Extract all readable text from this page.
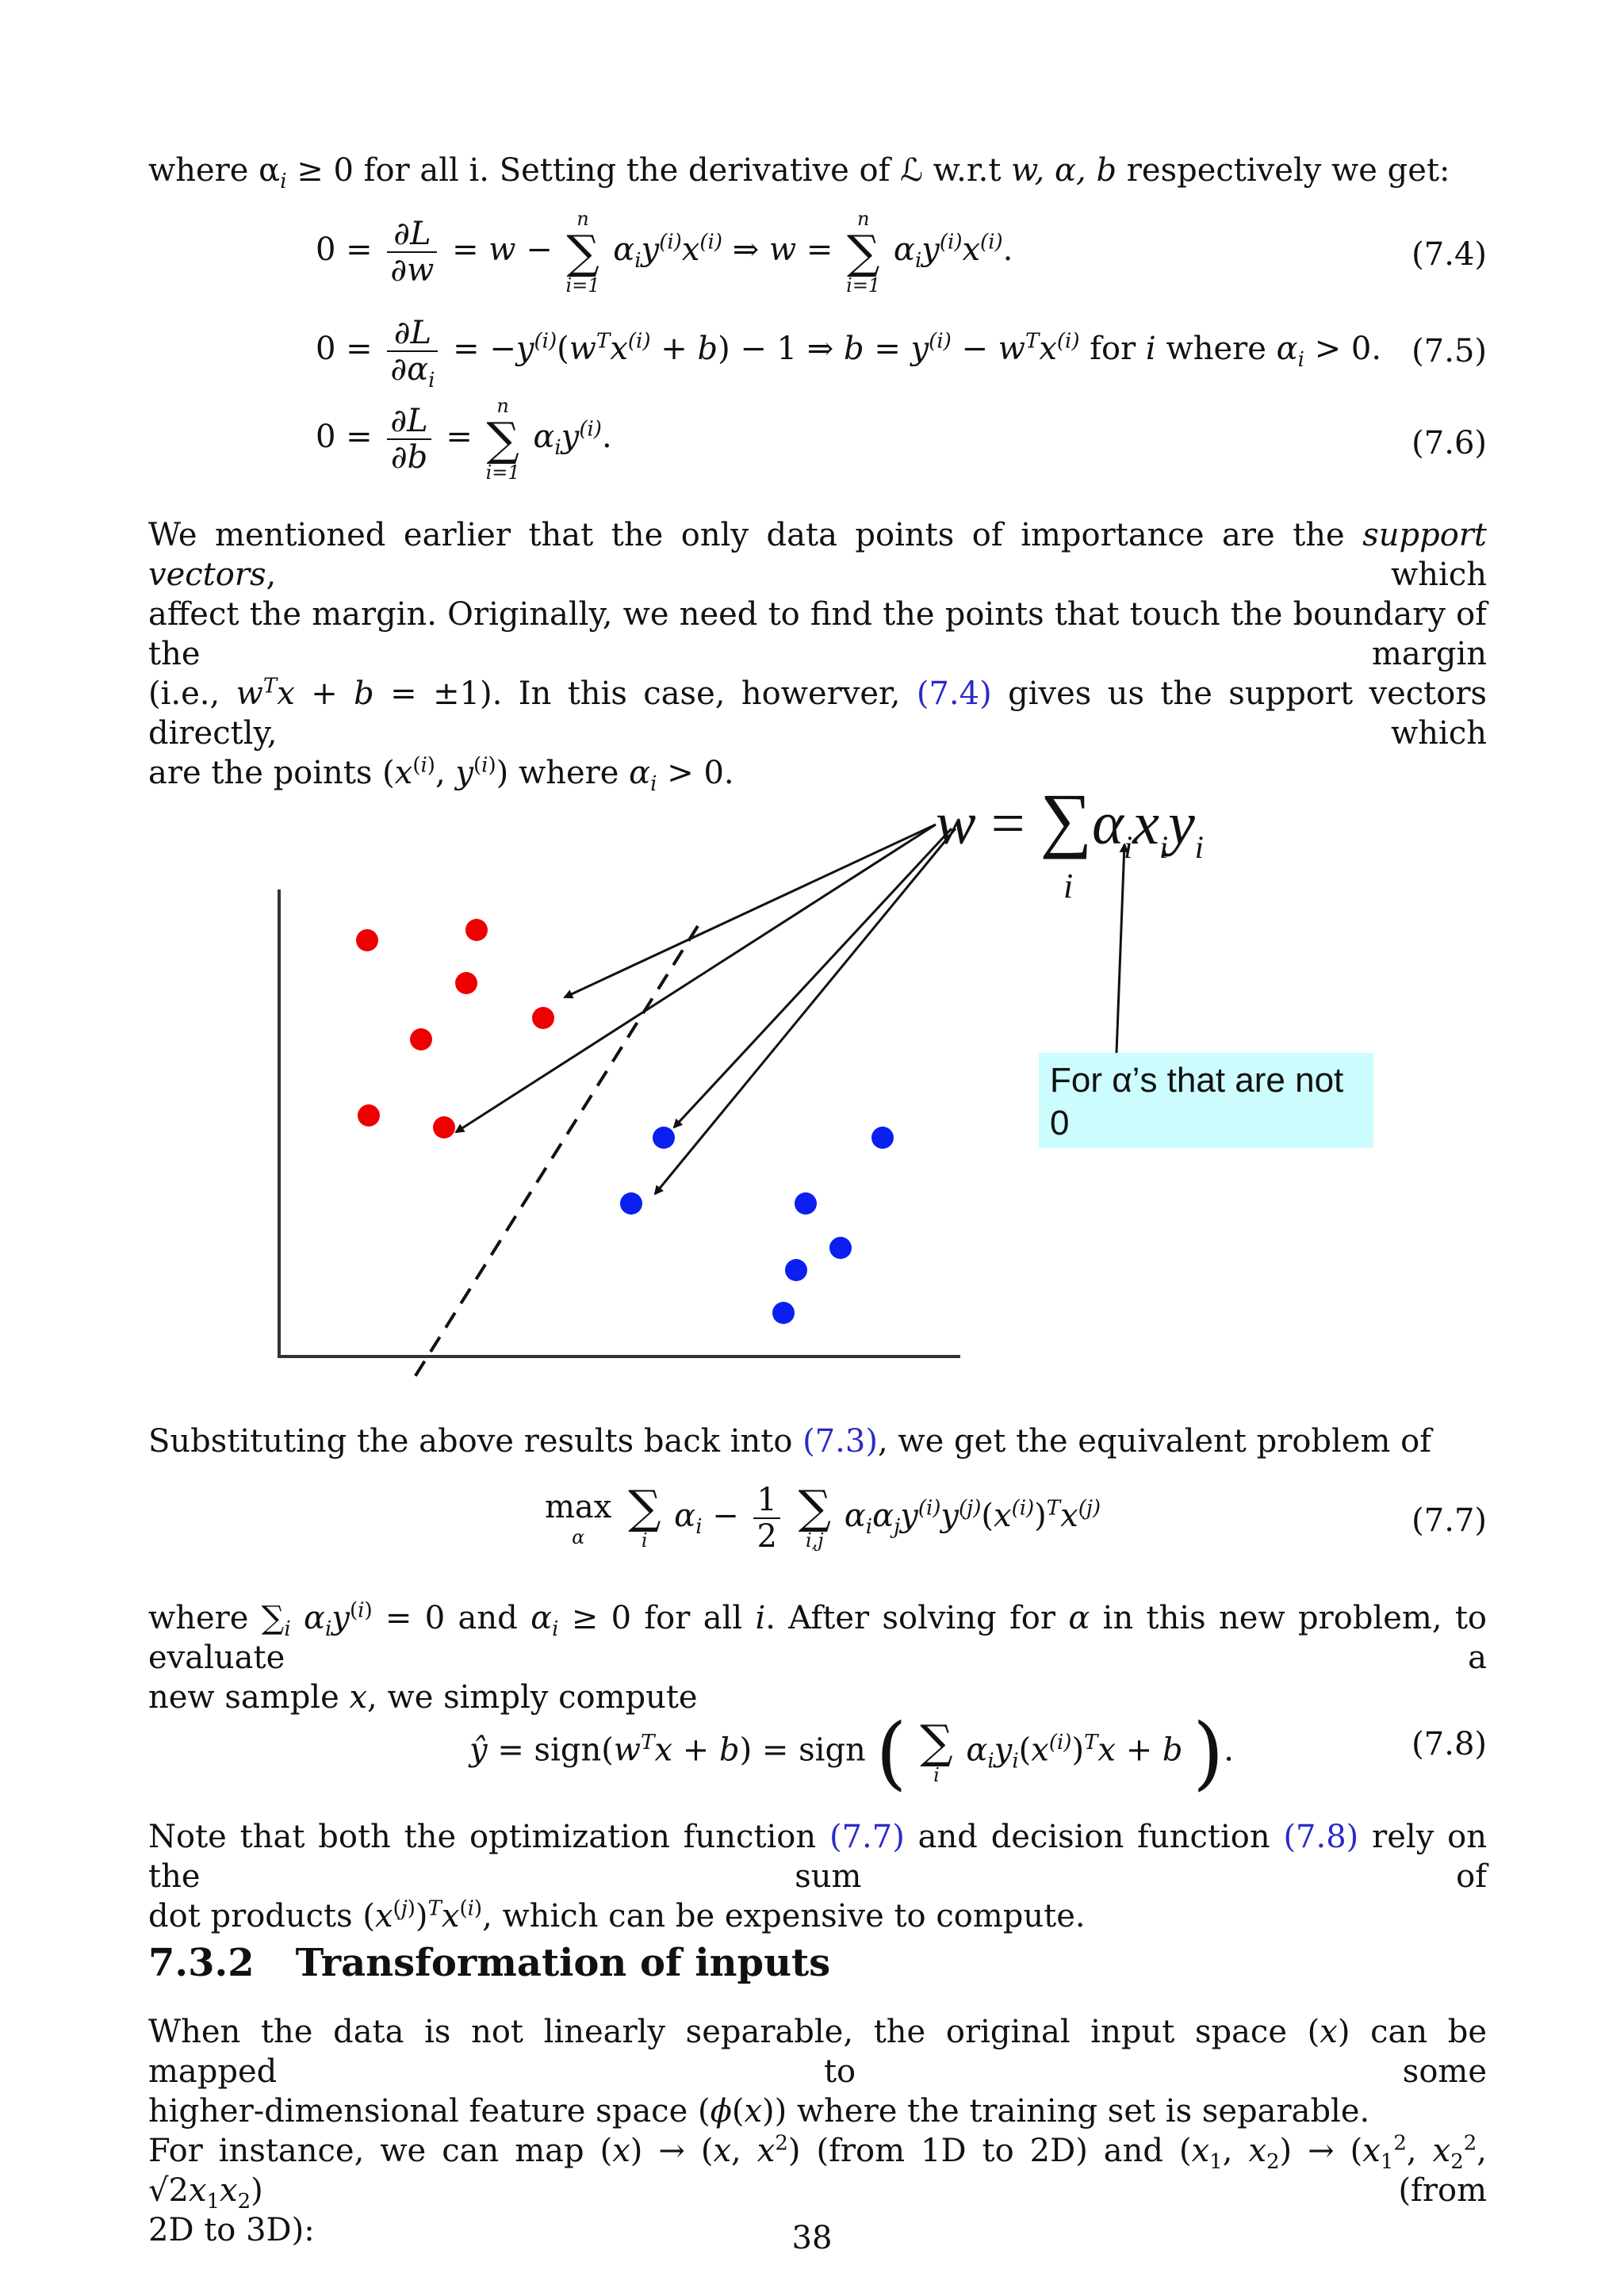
where $\alpha_i \ge 0$ for all i. Setting the derivative of ℒ w.r.t w, α, b respectively we get:
$0 = \frac{\partial L}{\partial w} = w$ −
n
∑
i=1
$\alpha_iy^{(i)}x^{(i)}$ ⇒ w =
n
∑
i=1
$\alpha_iy^{(i)}x^{(i)}$.	(7.4)
$0 = \frac{\partial L}{\partial\alpha_i} = -y^{(i)}(w^Tx^{(i)} + b) - 1$ ⇒ $b = y^{(i)} - w^Tx^{(i)}$ for i where $\alpha_i > 0$. (7.5)
$0 = \frac{\partial L}{\partial b}$ =
n
∑
i=1
$\alpha_iy^{(i)}$.	(7.6)
We mentioned earlier that the only data points of importance are the support vectors, which
affect the margin. Originally, we need to find the points that touch the boundary of the margin
(i.e., $w^Tx + b = \pm 1$). In this case, howerver, (7.4) gives us the support vectors directly, which
are the points ($x^{(i)}$, $y^{(i)}$) where $\alpha_i > 0$.
$w = \sum\alpha_ix_iy_i$
i
For α’s that are not 0
Substituting the above results back into (7.3), we get the equivalent problem of
max
α

∑
i
$\alpha_i - \frac{1}{2}$
∑
i,j
$\alpha_i\alpha_jy^{(i)}y^{(j)}(x^{(i)})^Tx^{(j)}$	(7.7)
where $\sum_i$ $\alpha_iy^{(i)} = 0$ and $\alpha_i \ge 0$ for all i. After solving for α in this new problem, to evaluate a
new sample x, we simply compute
ŷ = $sign(w^Tx + b)$ = sign ( ∑
i
$\alpha_iy_i(x^{(i)})^Tx + b$ ).	(7.8)
Note that both the optimization function (7.7) and decision function (7.8) rely on the sum of
dot products $(x^{(j)})^Tx^{(i)}$, which can be expensive to compute.
7.3.2 Transformation of inputs
When the data is not linearly separable, the original input space (x) can be mapped to some
higher-dimensional feature space (ϕ(x)) where the training set is separable.
For instance, we can map (x) → (x, $x^2$) (from 1D to 2D) and ($x_1$, $x_2) \to (x_1^2$, $x_2^2$, $√2x_1x_2$) (from
2D to 3D):	38
